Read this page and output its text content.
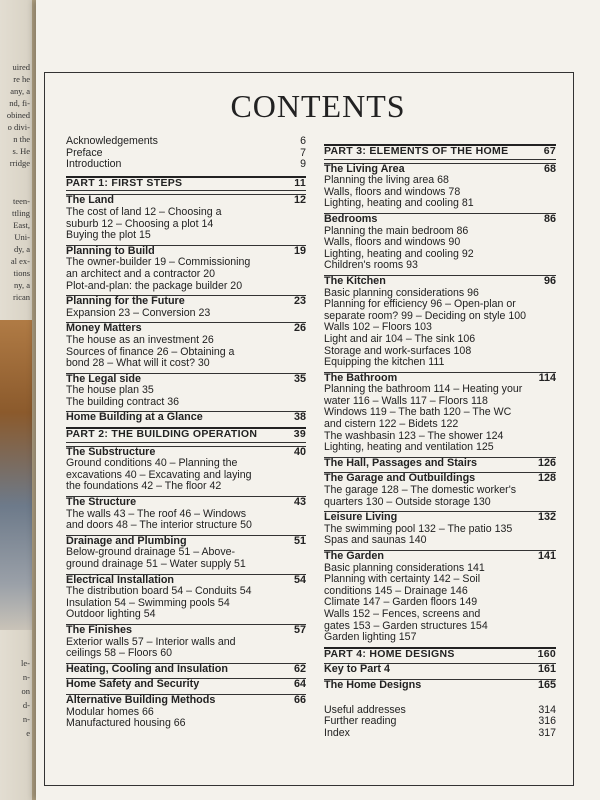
uired
re he
any, a
nd, fi-
obined
o divi-
n the
s. He
rridge
teen-
ttling
East,
Uni-
dy, a
al ex-
tions
ny, a
rican
le-
n-
on
d-
n-
e
CONTENTS
Acknowledgements	6
Preface	7
Introduction	9
PART 1: FIRST STEPS	11
The Land	12
The cost of land 12 – Choosing a
suburb 12 – Choosing a plot 14
Buying the plot 15
Planning to Build	19
The owner-builder 19 – Commissioning
an architect and a contractor 20
Plot-and-plan: the package builder 20
Planning for the Future	23
Expansion 23 – Conversion 23
Money Matters	26
The house as an investment 26
Sources of finance 26 – Obtaining a
bond 28 – What will it cost? 30
The Legal side	35
The house plan 35
The building contract 36
Home Building at a Glance	38
PART 2: THE BUILDING OPERATION	39
The Substructure	40
Ground conditions 40 – Planning the
excavations 40 – Excavating and laying
the foundations 42 – The floor 42
The Structure	43
The walls 43 – The roof 46 – Windows
and doors 48 – The interior structure 50
Drainage and Plumbing	51
Below-ground drainage 51 – Above-
ground drainage 51 – Water supply 51
Electrical Installation	54
The distribution board 54 – Conduits 54
Insulation 54 – Swimming pools 54
Outdoor lighting 54
The Finishes	57
Exterior walls 57 – Interior walls and
ceilings 58 – Floors 60
Heating, Cooling and Insulation	62
Home Safety and Security	64
Alternative Building Methods	66
Modular homes 66
Manufactured housing 66
PART 3: ELEMENTS OF THE HOME	67
The Living Area	68
Planning the living area 68
Walls, floors and windows 78
Lighting, heating and cooling 81
Bedrooms	86
Planning the main bedroom 86
Walls, floors and windows 90
Lighting, heating and cooling 92
Children's rooms 93
The Kitchen	96
Basic planning considerations 96
Planning for efficiency 96 – Open-plan or
separate room? 99 – Deciding on style 100
Walls 102 – Floors 103
Light and air 104 – The sink 106
Storage and work-surfaces 108
Equipping the kitchen 111
The Bathroom	114
Planning the bathroom 114 – Heating your
water 116 – Walls 117 – Floors 118
Windows 119 – The bath 120 – The WC
and cistern 122 – Bidets 122
The washbasin 123 – The shower 124
Lighting, heating and ventilation 125
The Hall, Passages and Stairs	126
The Garage and Outbuildings	128
The garage 128 – The domestic worker's
quarters 130 – Outside storage 130
Leisure Living	132
The swimming pool 132 – The patio 135
Spas and saunas 140
The Garden	141
Basic planning considerations 141
Planning with certainty 142 – Soil
conditions 145 – Drainage 146
Climate 147 – Garden floors 149
Walls 152 – Fences, screens and
gates 153 – Garden structures 154
Garden lighting 157
PART 4: HOME DESIGNS	160
Key to Part 4	161
The Home Designs	165
Useful addresses	314
Further reading	316
Index	317
